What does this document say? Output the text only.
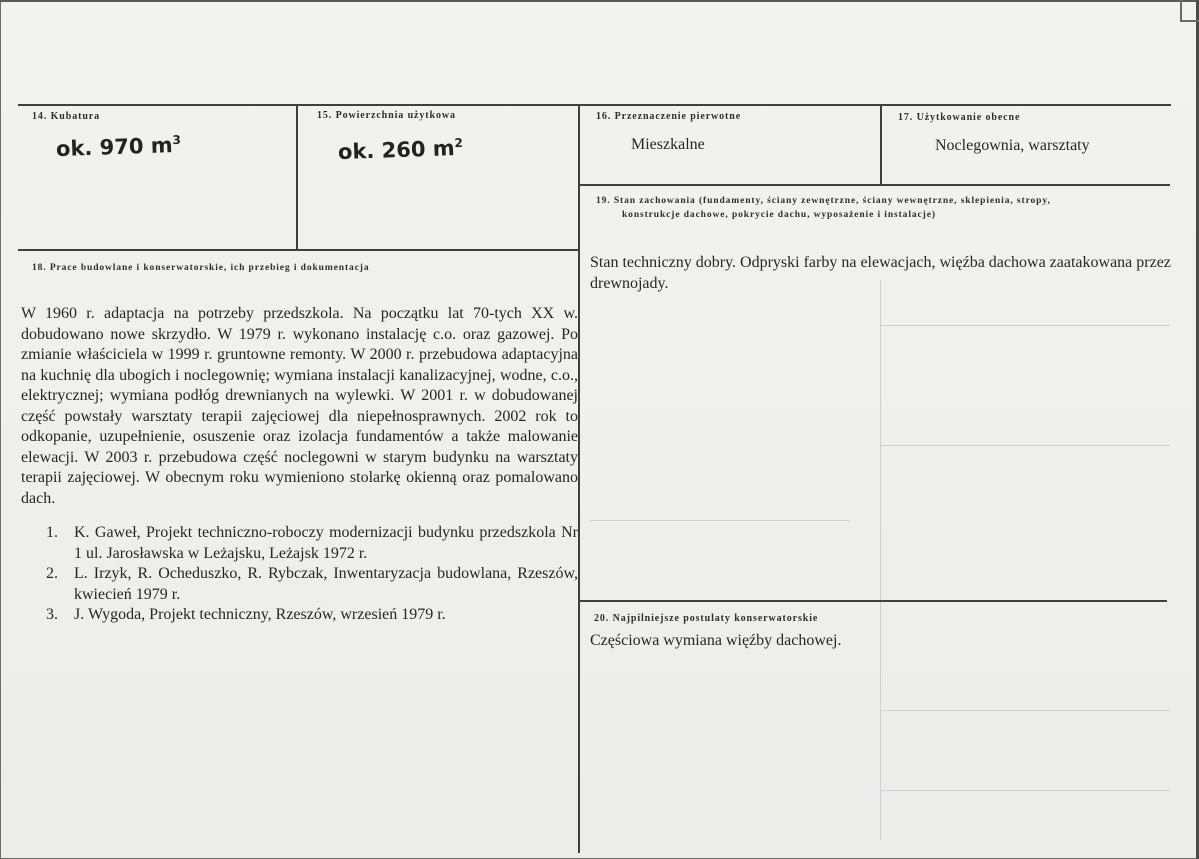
14. Kubatura
ok. 970 $m^3$
15. Powierzchnia użytkowa
ok. 260 $m^2$
16. Przeznaczenie pierwotne
Mieszkalne
17. Użytkowanie obecne
Noclegownia, warsztaty
19. Stan zachowania (fundamenty, ściany zewnętrzne, ściany wewnętrzne, sklepienia, stropy,
konstrukcje dachowe, pokrycie dachu, wyposażenie i instalacje)
Stan techniczny dobry. Odpryski farby na elewacjach, więźba dachowa zaatakowana przez drewnojady.
18. Prace budowlane i konserwatorskie, ich przebieg i dokumentacja
W 1960 r. adaptacja na potrzeby przedszkola. Na początku lat 70-tych XX w. dobudowano nowe skrzydło. W 1979 r. wykonano instalację c.o. oraz gazowej. Po zmianie właściciela w 1999 r. gruntowne remonty. W 2000 r. przebudowa adaptacyjna na kuchnię dla ubogich i noclegownię; wymiana instalacji kanalizacyjnej, wodne, c.o., elektrycznej; wymiana podłóg drewnianych na wylewki. W 2001 r. w dobudowanej część powstały warsztaty terapii zajęciowej dla niepełnosprawnych. 2002 rok to odkopanie, uzupełnienie, osuszenie oraz izolacja fundamentów a także malowanie elewacji. W 2003 r. przebudowa część noclegowni w starym budynku na warsztaty terapii zajęciowej. W obecnym roku wymieniono stolarkę okienną oraz pomalowano dach.
1. K. Gaweł, Projekt techniczno-roboczy modernizacji budynku przedszkola Nr 1 ul. Jarosławska w Leżajsku, Leżajsk 1972 r.
2. L. Irzyk, R. Ocheduszko, R. Rybczak, Inwentaryzacja budowlana, Rzeszów, kwiecień 1979 r.
3. J. Wygoda, Projekt techniczny, Rzeszów, wrzesień 1979 r.	20. Najpilniejsze postulaty konserwatorskie
Częściowa wymiana więźby dachowej.
